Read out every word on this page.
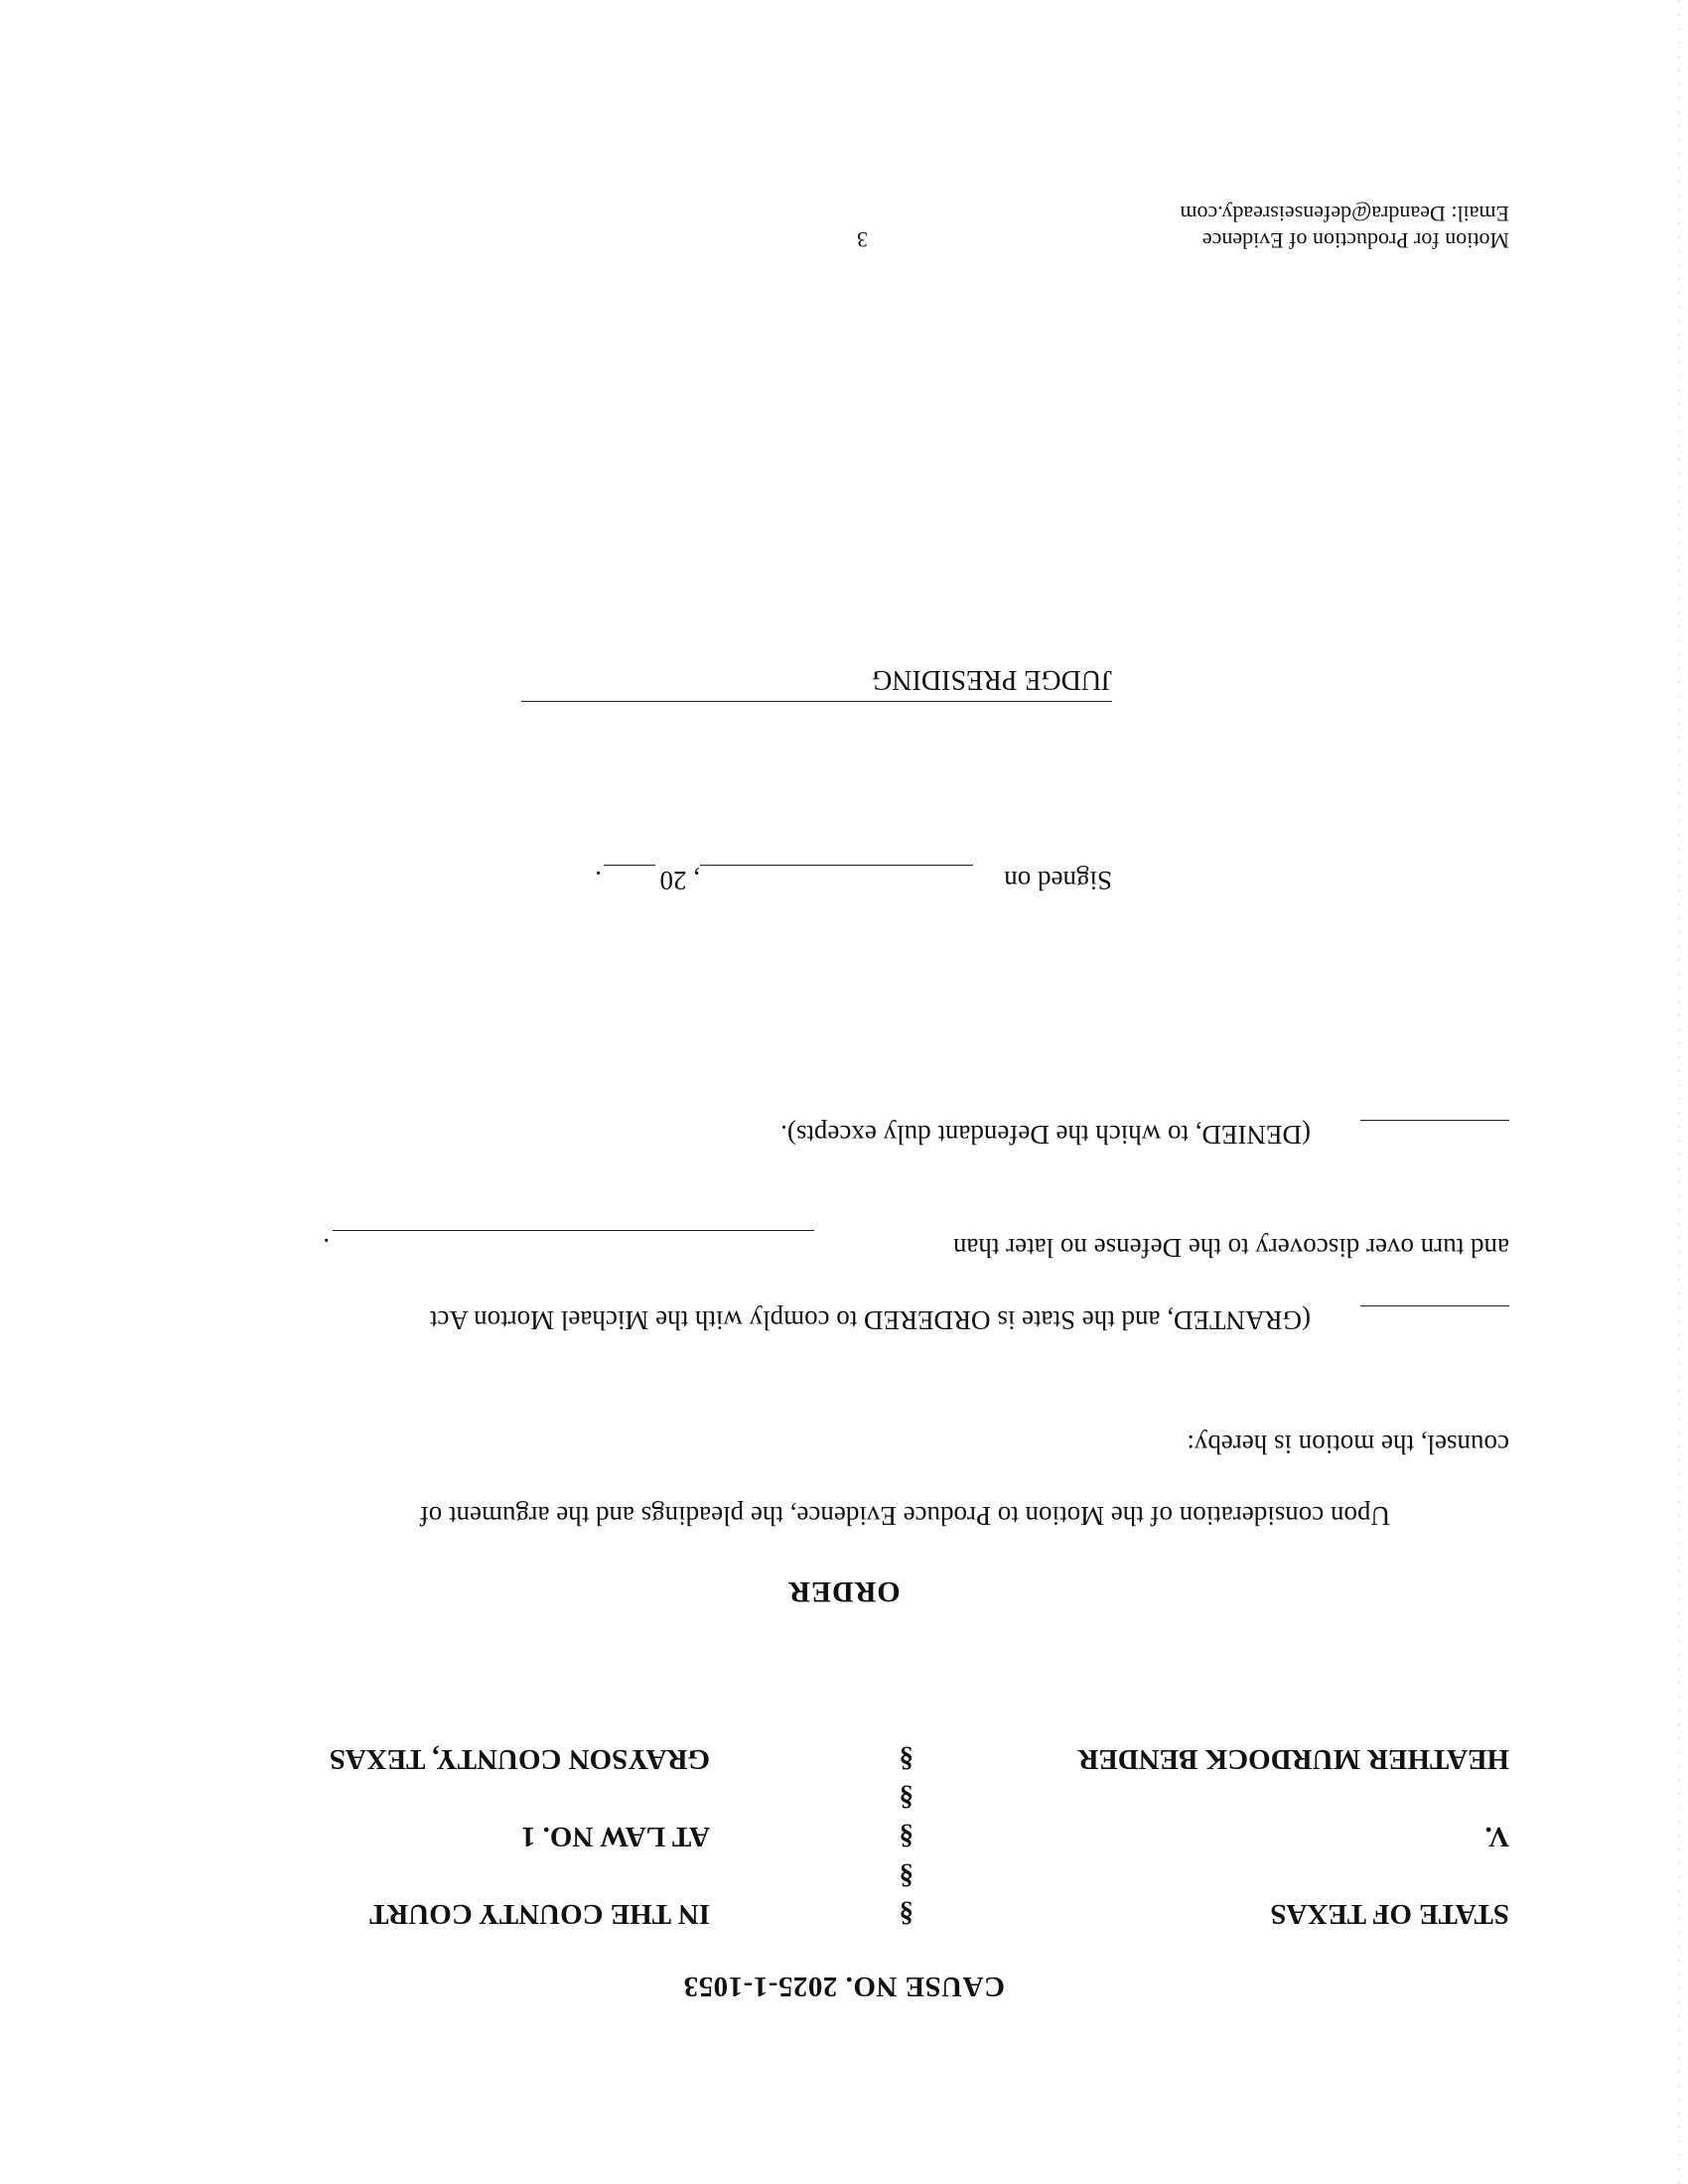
CAUSE NO. 2025-1-1053
STATE OF TEXAS
V.
HEATHER MURDOCK BENDER
IN THE COUNTY COURT
AT LAW NO. 1
GRAYSON COUNTY, TEXAS
§
§
§
§
§
ORDER
Upon consideration of the Motion to Produce Evidence, the pleadings and the argument of
counsel, the motion is hereby:
(GRANTED, and the State is ORDERED to comply with the Michael Morton Act
and turn over discovery to the Defense no later than
.
(DENIED, to which the Defendant duly excepts).
Signed on
, 20
.
JUDGE PRESIDING
Motion for Production of Evidence
Email: Deandra@defenseisready.com
3
